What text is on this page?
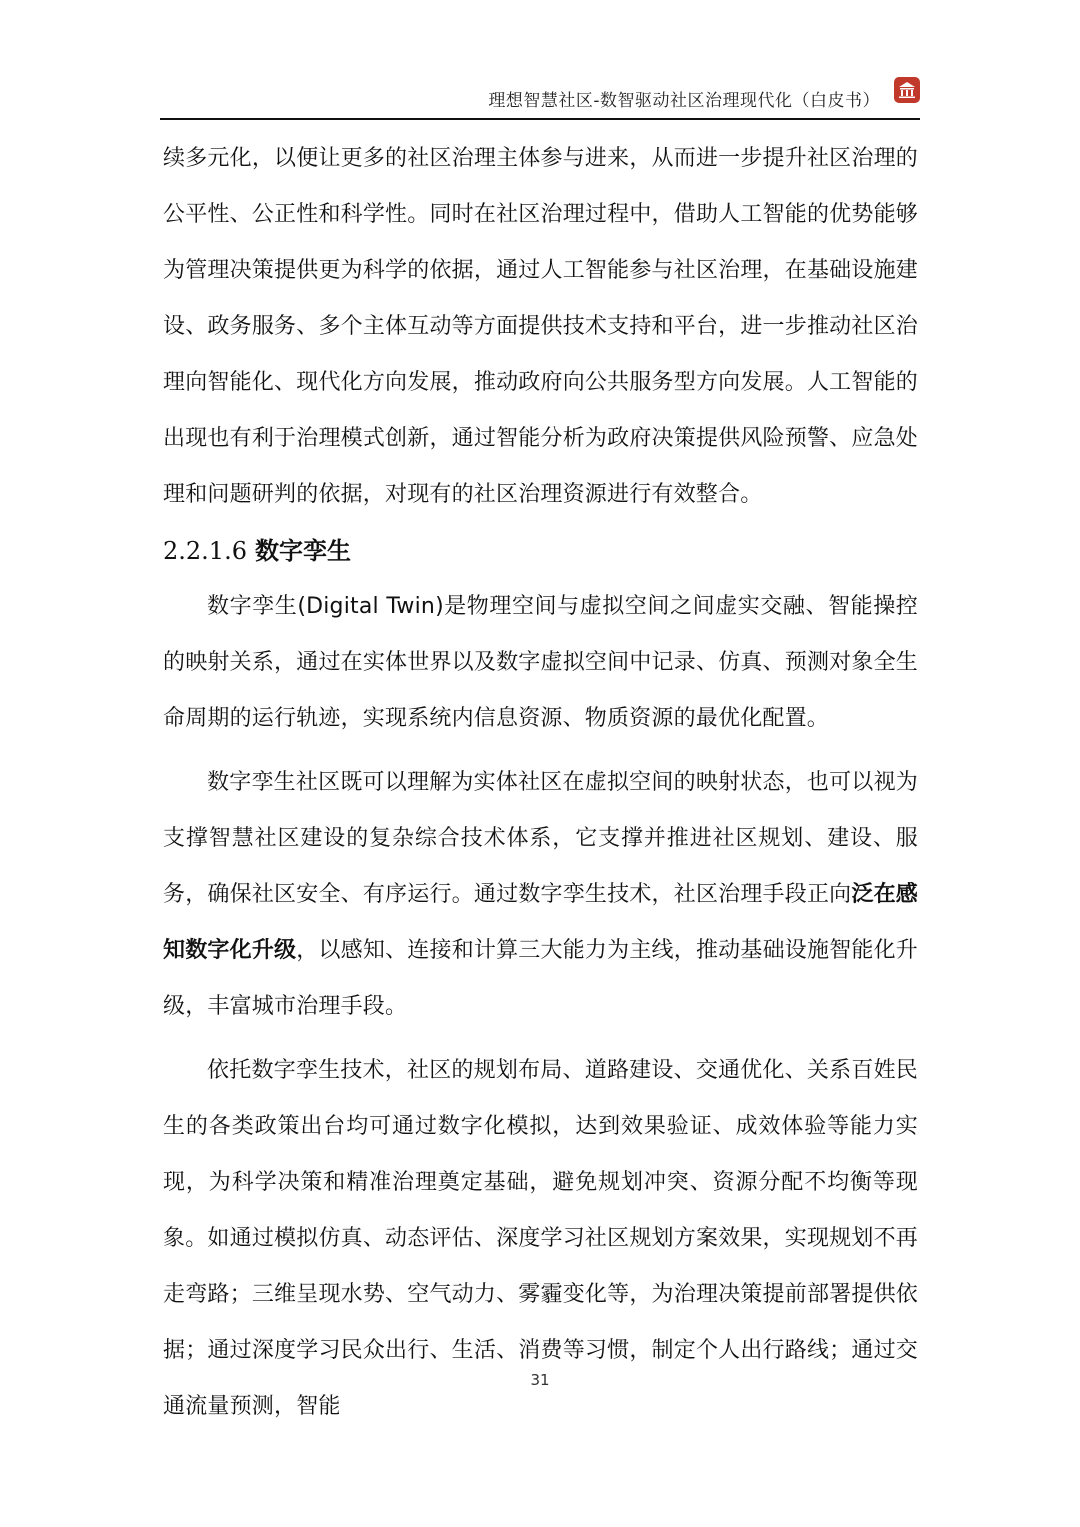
理想智慧社区-数智驱动社区治理现代化（白皮书）

续多元化，以便让更多的社区治理主体参与进来，从而进一步提升社区治理的公平性、公正性和科学性。同时在社区治理过程中，借助人工智能的优势能够为管理决策提供更为科学的依据，通过人工智能参与社区治理，在基础设施建设、政务服务、多个主体互动等方面提供技术支持和平台，进一步推动社区治理向智能化、现代化方向发展，推动政府向公共服务型方向发展。人工智能的出现也有利于治理模式创新，通过智能分析为政府决策提供风险预警、应急处理和问题研判的依据，对现有的社区治理资源进行有效整合。

2.2.1.6 数字孪生

数字孪生(Digital Twin)是物理空间与虚拟空间之间虚实交融、智能操控的映射关系，通过在实体世界以及数字虚拟空间中记录、仿真、预测对象全生命周期的运行轨迹，实现系统内信息资源、物质资源的最优化配置。

数字孪生社区既可以理解为实体社区在虚拟空间的映射状态，也可以视为支撑智慧社区建设的复杂综合技术体系，它支撑并推进社区规划、建设、服务，确保社区安全、有序运行。通过数字孪生技术，社区治理手段正向泛在感知数字化升级，以感知、连接和计算三大能力为主线，推动基础设施智能化升级，丰富城市治理手段。

依托数字孪生技术，社区的规划布局、道路建设、交通优化、关系百姓民生的各类政策出台均可通过数字化模拟，达到效果验证、成效体验等能力实现，为科学决策和精准治理奠定基础，避免规划冲突、资源分配不均衡等现象。如通过模拟仿真、动态评估、深度学习社区规划方案效果，实现规划不再走弯路；三维呈现水势、空气动力、雾霾变化等，为治理决策提前部署提供依据；通过深度学习民众出行、生活、消费等习惯，制定个人出行路线；通过交通流量预测，智能

31
